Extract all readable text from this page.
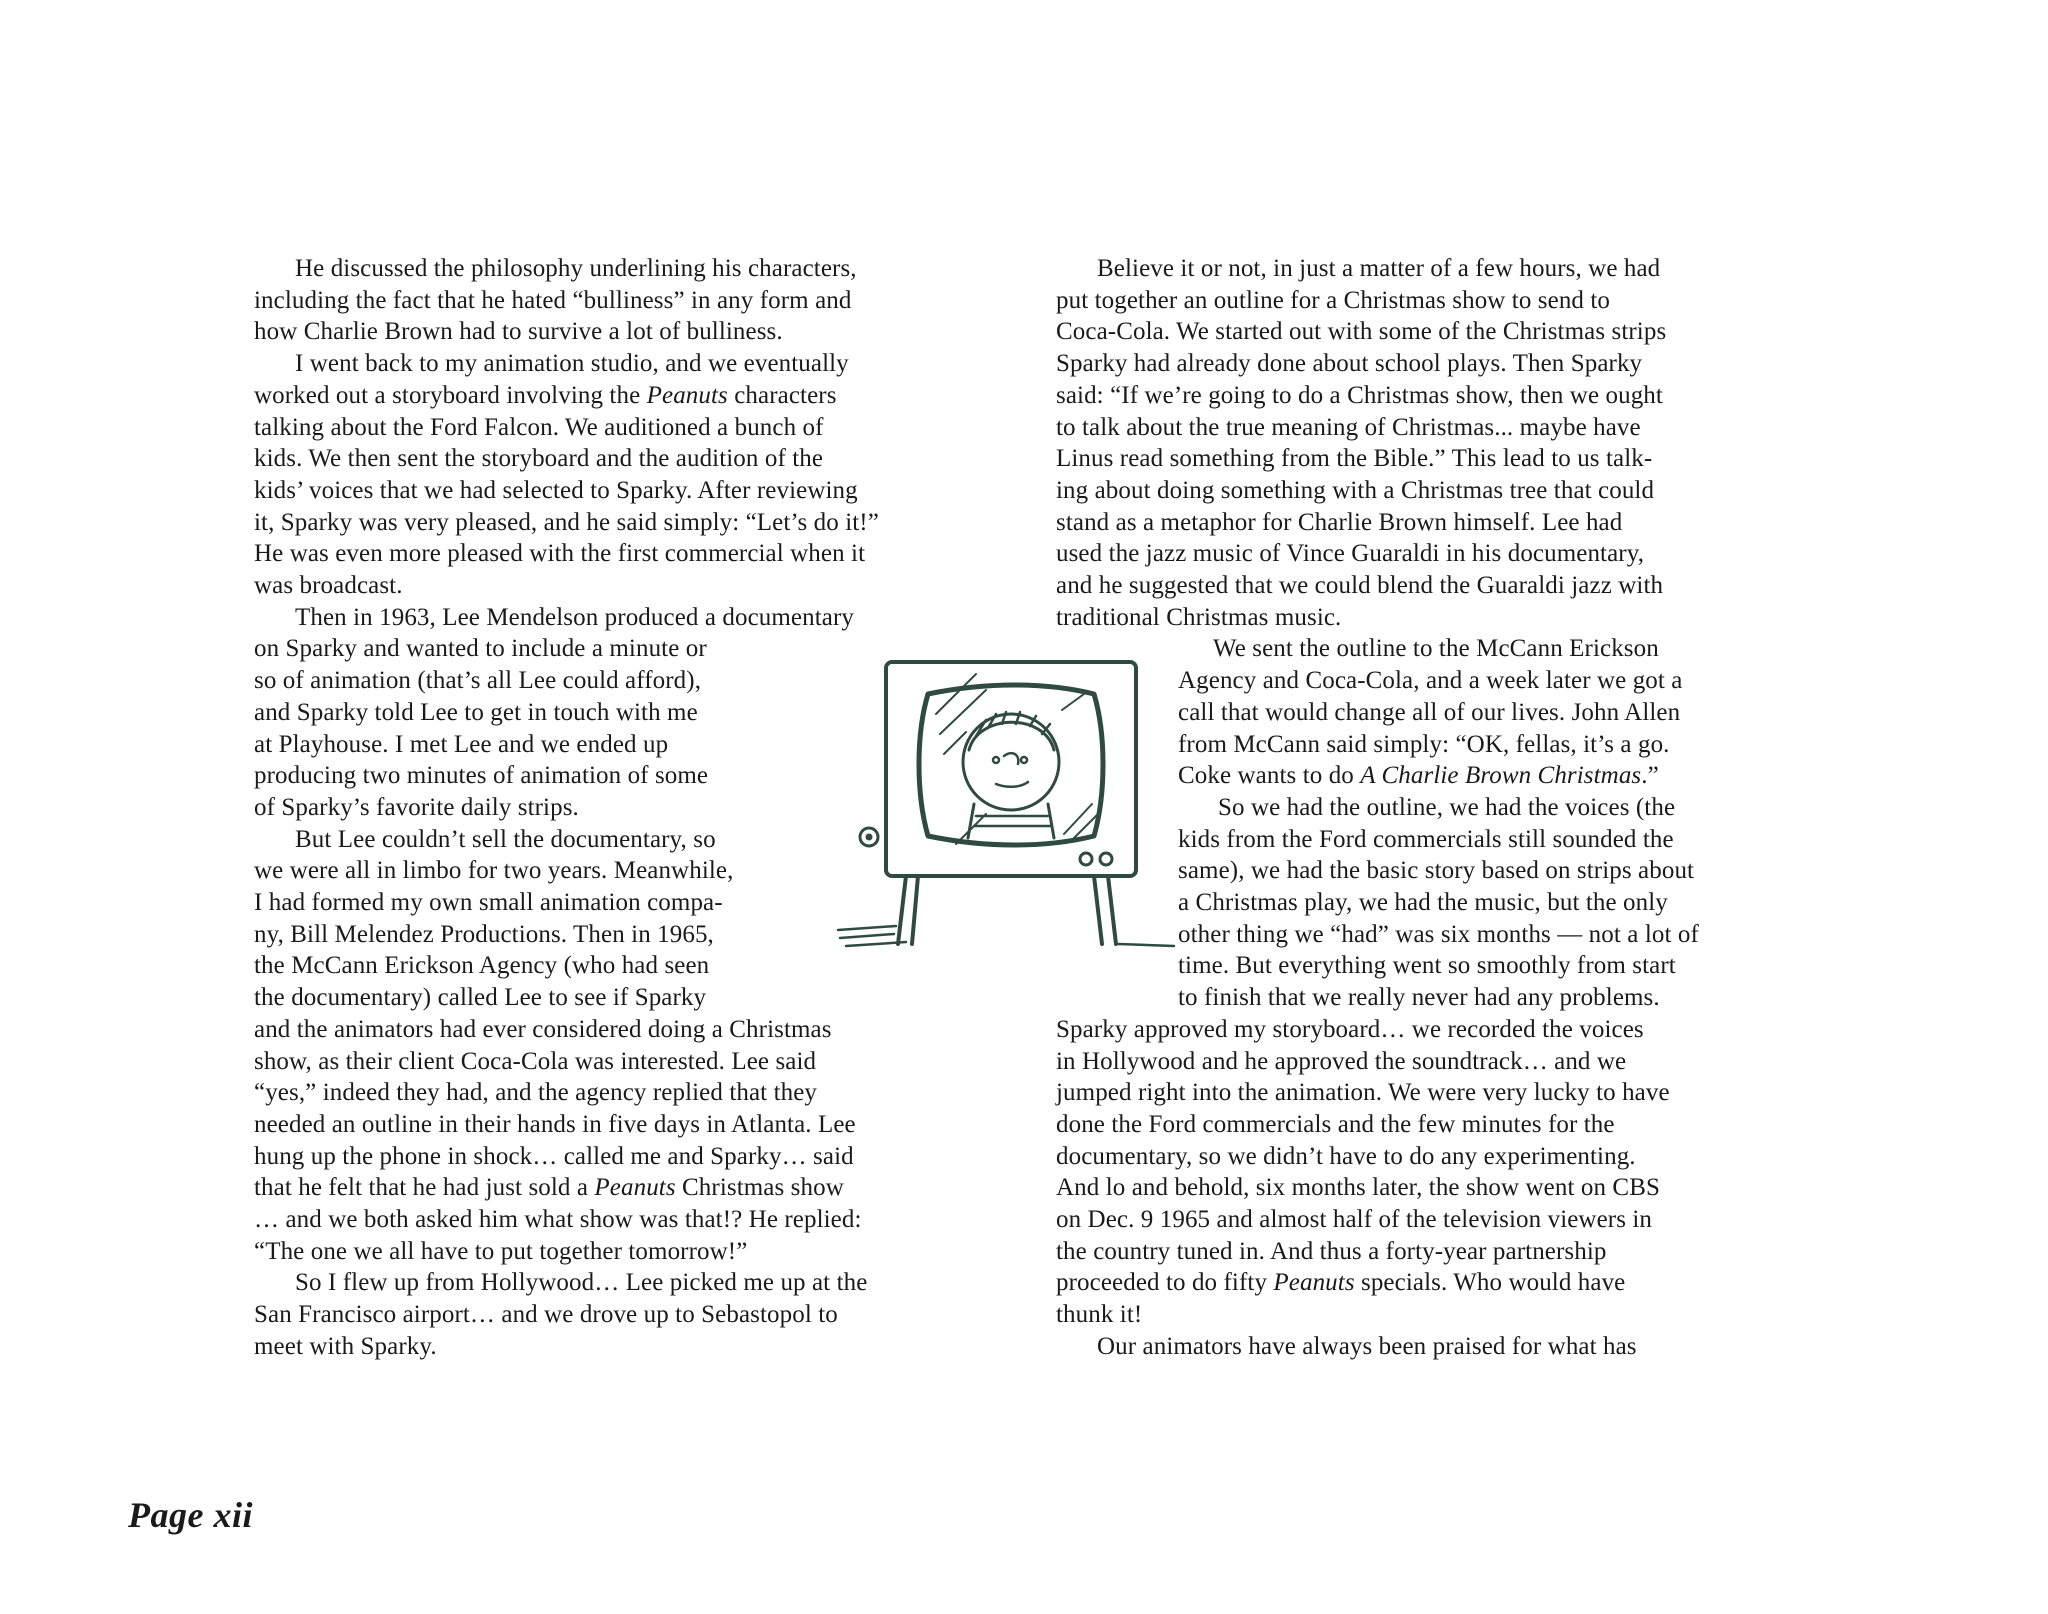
He discussed the philosophy underlining his characters,
including the fact that he hated “bulliness” in any form and
how Charlie Brown had to survive a lot of bulliness.
I went back to my animation studio, and we eventually
worked out a storyboard involving the Peanuts characters
talking about the Ford Falcon. We auditioned a bunch of
kids. We then sent the storyboard and the audition of the
kids’ voices that we had selected to Sparky. After reviewing
it, Sparky was very pleased, and he said simply: “Let’s do it!”
He was even more pleased with the first commercial when it
was broadcast.
Then in 1963, Lee Mendelson produced a documentary
on Sparky and wanted to include a minute or
so of animation (that’s all Lee could afford),
and Sparky told Lee to get in touch with me
at Playhouse. I met Lee and we ended up
producing two minutes of animation of some
of Sparky’s favorite daily strips.
But Lee couldn’t sell the documentary, so
we were all in limbo for two years. Meanwhile,
I had formed my own small animation compa-
ny, Bill Melendez Productions. Then in 1965,
the McCann Erickson Agency (who had seen
the documentary) called Lee to see if Sparky
and the animators had ever considered doing a Christmas
show, as their client Coca-Cola was interested. Lee said
“yes,” indeed they had, and the agency replied that they
needed an outline in their hands in five days in Atlanta. Lee
hung up the phone in shock… called me and Sparky… said
that he felt that he had just sold a Peanuts Christmas show
… and we both asked him what show was that!? He replied:
“The one we all have to put together tomorrow!”
So I flew up from Hollywood… Lee picked me up at the
San Francisco airport… and we drove up to Sebastopol to
meet with Sparky.
Believe it or not, in just a matter of a few hours, we had
put together an outline for a Christmas show to send to
Coca-Cola. We started out with some of the Christmas strips
Sparky had already done about school plays. Then Sparky
said: “If we’re going to do a Christmas show, then we ought
to talk about the true meaning of Christmas... maybe have
Linus read something from the Bible.” This lead to us talk-
ing about doing something with a Christmas tree that could
stand as a metaphor for Charlie Brown himself. Lee had
used the jazz music of Vince Guaraldi in his documentary,
and he suggested that we could blend the Guaraldi jazz with
traditional Christmas music.
We sent the outline to the McCann Erickson
Agency and Coca-Cola, and a week later we got a
call that would change all of our lives. John Allen
from McCann said simply: “OK, fellas, it’s a go.
Coke wants to do A Charlie Brown Christmas.”
So we had the outline, we had the voices (the
kids from the Ford commercials still sounded the
same), we had the basic story based on strips about
a Christmas play, we had the music, but the only
other thing we “had” was six months — not a lot of
time. But everything went so smoothly from start
to finish that we really never had any problems.
Sparky approved my storyboard… we recorded the voices
in Hollywood and he approved the soundtrack… and we
jumped right into the animation. We were very lucky to have
done the Ford commercials and the few minutes for the
documentary, so we didn’t have to do any experimenting.
And lo and behold, six months later, the show went on CBS
on Dec. 9 1965 and almost half of the television viewers in
the country tuned in. And thus a forty-year partnership
proceeded to do fifty Peanuts specials. Who would have
thunk it!
Our animators have always been praised for what has
Page xii
